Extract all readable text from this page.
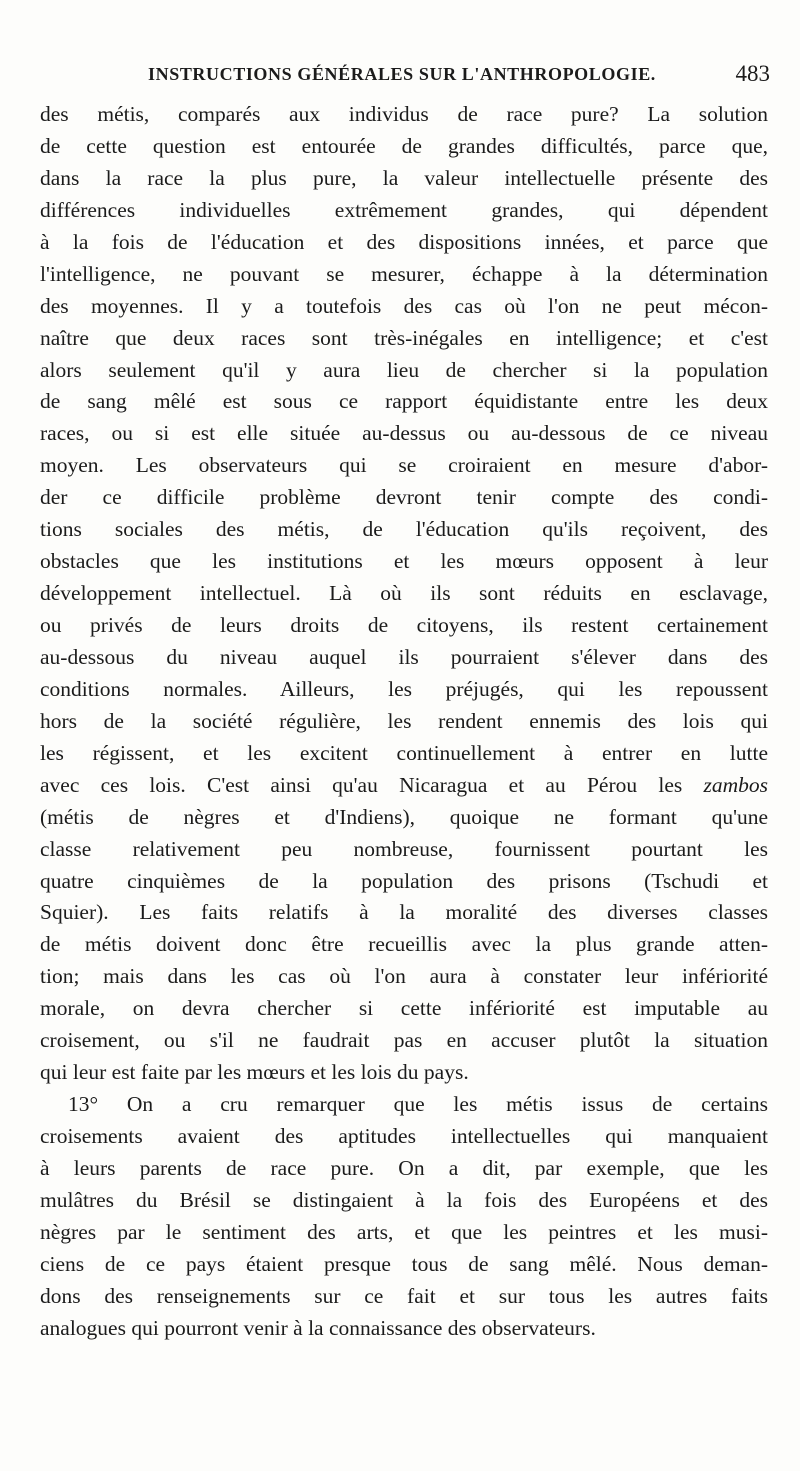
INSTRUCTIONS GÉNÉRALES SUR L'ANTHROPOLOGIE.	483
des métis, comparés aux individus de race pure? La solution
de cette question est entourée de grandes difficultés, parce que,
dans la race la plus pure, la valeur intellectuelle présente des
différences individuelles extrêmement grandes, qui dépendent
à la fois de l'éducation et des dispositions innées, et parce que
l'intelligence, ne pouvant se mesurer, échappe à la détermination
des moyennes. Il y a toutefois des cas où l'on ne peut mécon-
naître que deux races sont très-inégales en intelligence; et c'est
alors seulement qu'il y aura lieu de chercher si la population
de sang mêlé est sous ce rapport équidistante entre les deux
races, ou si est elle située au-dessus ou au-dessous de ce niveau
moyen. Les observateurs qui se croiraient en mesure d'abor-
der ce difficile problème devront tenir compte des condi-
tions sociales des métis, de l'éducation qu'ils reçoivent, des
obstacles que les institutions et les mœurs opposent à leur
développement intellectuel. Là où ils sont réduits en esclavage,
ou privés de leurs droits de citoyens, ils restent certainement
au-dessous du niveau auquel ils pourraient s'élever dans des
conditions normales. Ailleurs, les préjugés, qui les repoussent
hors de la société régulière, les rendent ennemis des lois qui
les régissent, et les excitent continuellement à entrer en lutte
avec ces lois. C'est ainsi qu'au Nicaragua et au Pérou les zambos
(métis de nègres et d'Indiens), quoique ne formant qu'une
classe relativement peu nombreuse, fournissent pourtant les
quatre cinquièmes de la population des prisons (Tschudi et
Squier). Les faits relatifs à la moralité des diverses classes
de métis doivent donc être recueillis avec la plus grande atten-
tion; mais dans les cas où l'on aura à constater leur infériorité
morale, on devra chercher si cette infériorité est imputable au
croisement, ou s'il ne faudrait pas en accuser plutôt la situation
qui leur est faite par les mœurs et les lois du pays.
13° On a cru remarquer que les métis issus de certains
croisements avaient des aptitudes intellectuelles qui manquaient
à leurs parents de race pure. On a dit, par exemple, que les
mulâtres du Brésil se distingaient à la fois des Européens et des
nègres par le sentiment des arts, et que les peintres et les musi-
ciens de ce pays étaient presque tous de sang mêlé. Nous deman-
dons des renseignements sur ce fait et sur tous les autres faits
analogues qui pourront venir à la connaissance des observateurs.
